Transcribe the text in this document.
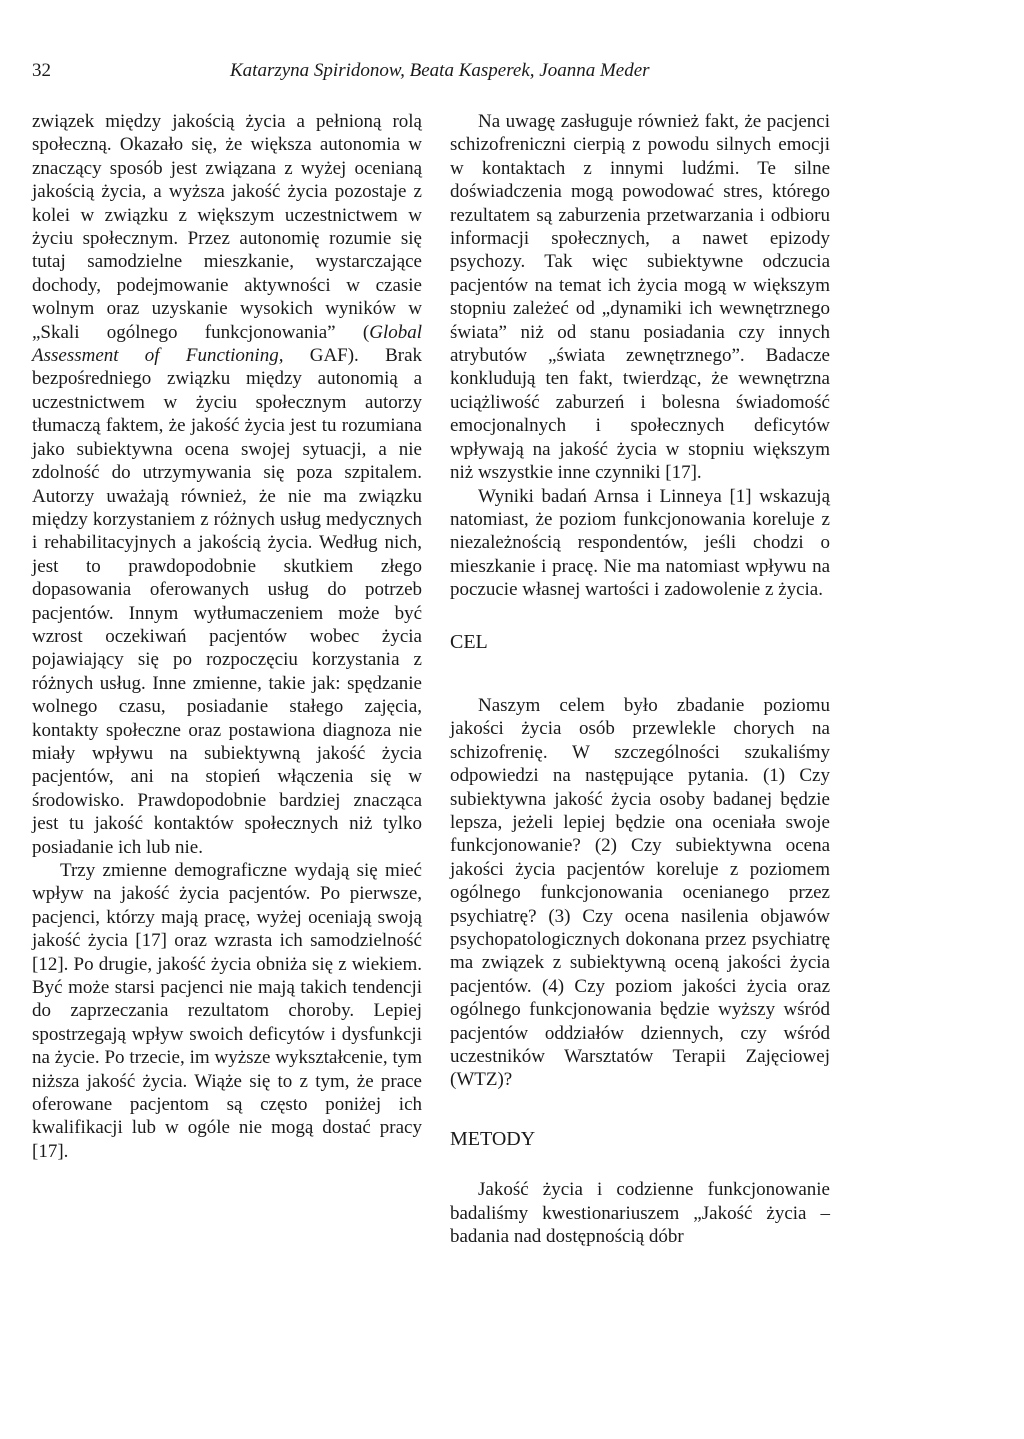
32	Katarzyna Spiridonow, Beata Kasperek, Joanna Meder

związek między jakością życia a pełnioną rolą społeczną. Okazało się, że większa autonomia w znaczący sposób jest związana z wyżej ocenianą jakością życia, a wyższa jakość życia pozostaje z kolei w związku z większym uczestnictwem w życiu społecznym. Przez autonomię rozumie się tutaj samodzielne mieszkanie, wystarczające dochody, podejmowanie aktywności w czasie wolnym oraz uzyskanie wysokich wyników w „Skali ogólnego funkcjonowania” (Global Assessment of Functioning, GAF). Brak bezpośredniego związku między autonomią a uczestnictwem w życiu społecznym autorzy tłumaczą faktem, że jakość życia jest tu rozumiana jako subiektywna ocena swojej sytuacji, a nie zdolność do utrzymywania się poza szpitalem. Autorzy uważają również, że nie ma związku między korzystaniem z różnych usług medycznych i rehabilitacyjnych a jakością życia. Według nich, jest to prawdopodobnie skutkiem złego dopasowania oferowanych usług do potrzeb pacjentów. Innym wytłumaczeniem może być wzrost oczekiwań pacjentów wobec życia pojawiający się po rozpoczęciu korzystania z różnych usług. Inne zmienne, takie jak: spędzanie wolnego czasu, posiadanie stałego zajęcia, kontakty społeczne oraz postawiona diagnoza nie miały wpływu na subiektywną jakość życia pacjentów, ani na stopień włączenia się w środowisko. Prawdopodobnie bardziej znacząca jest tu jakość kontaktów społecznych niż tylko posiadanie ich lub nie.

Trzy zmienne demograficzne wydają się mieć wpływ na jakość życia pacjentów. Po pierwsze, pacjenci, którzy mają pracę, wyżej oceniają swoją jakość życia [17] oraz wzrasta ich samodzielność [12]. Po drugie, jakość życia obniża się z wiekiem. Być może starsi pacjenci nie mają takich tendencji do zaprzeczania rezultatom choroby. Lepiej spostrzegają wpływ swoich deficytów i dysfunkcji na życie. Po trzecie, im wyższe wykształcenie, tym niższa jakość życia. Wiąże się to z tym, że prace oferowane pacjentom są często poniżej ich kwalifikacji lub w ogóle nie mogą dostać pracy [17].

Na uwagę zasługuje również fakt, że pacjenci schizofreniczni cierpią z powodu silnych emocji w kontaktach z innymi ludźmi. Te silne doświadczenia mogą powodować stres, którego rezultatem są zaburzenia przetwarzania i odbioru informacji społecznych, a nawet epizody psychozy. Tak więc subiektywne odczucia pacjentów na temat ich życia mogą w większym stopniu zależeć od „dynamiki ich wewnętrznego świata” niż od stanu posiadania czy innych atrybutów „świata zewnętrznego”. Badacze konkludują ten fakt, twierdząc, że wewnętrzna uciążliwość zaburzeń i bolesna świadomość emocjonalnych i społecznych deficytów wpływają na jakość życia w stopniu większym niż wszystkie inne czynniki [17].

Wyniki badań Arnsa i Linneya [1] wskazują natomiast, że poziom funkcjonowania koreluje z niezależnością respondentów, jeśli chodzi o mieszkanie i pracę. Nie ma natomiast wpływu na poczucie własnej wartości i zadowolenie z życia.

CEL

Naszym celem było zbadanie poziomu jakości życia osób przewlekle chorych na schizofrenię. W szczególności szukaliśmy odpowiedzi na następujące pytania. (1) Czy subiektywna jakość życia osoby badanej będzie lepsza, jeżeli lepiej będzie ona oceniała swoje funkcjonowanie? (2) Czy subiektywna ocena jakości życia pacjentów koreluje z poziomem ogólnego funkcjonowania ocenianego przez psychiatrę? (3) Czy ocena nasilenia objawów psychopatologicznych dokonana przez psychiatrę ma związek z subiektywną oceną jakości życia pacjentów. (4) Czy poziom jakości życia oraz ogólnego funkcjonowania będzie wyższy wśród pacjentów oddziałów dziennych, czy wśród uczestników Warsztatów Terapii Zajęciowej (WTZ)?

METODY

Jakość życia i codzienne funkcjonowanie badaliśmy kwestionariuszem „Jakość życia – badania nad dostępnością dóbr
